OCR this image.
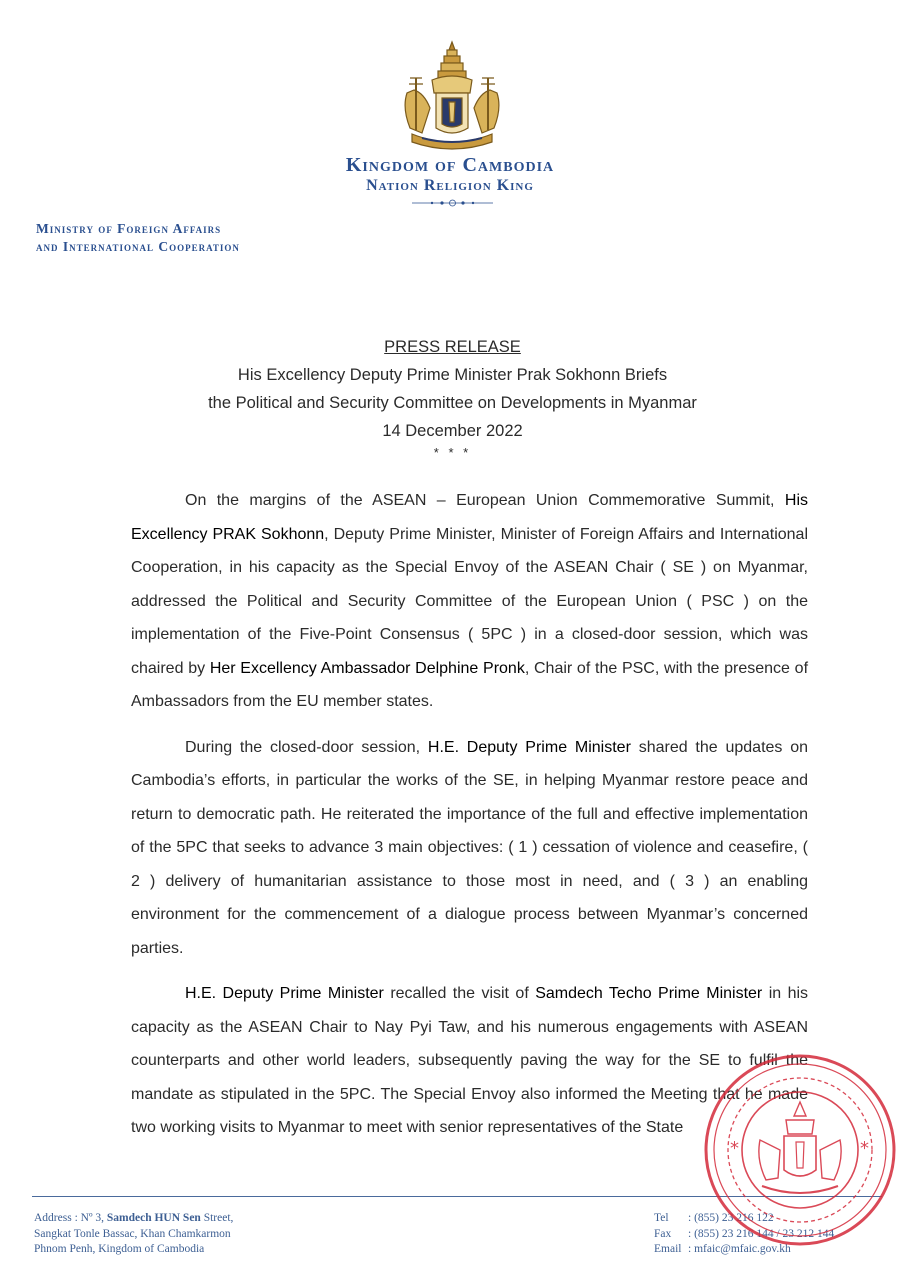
Kingdom of Cambodia
Nation Religion King
Ministry of Foreign Affairs
and International Cooperation
PRESS RELEASE
His Excellency Deputy Prime Minister Prak Sokhonn Briefs
the Political and Security Committee on Developments in Myanmar
14 December 2022
* * *

On the margins of the ASEAN – European Union Commemorative Summit, His Excellency PRAK Sokhonn, Deputy Prime Minister, Minister of Foreign Affairs and International Cooperation, in his capacity as the Special Envoy of the ASEAN Chair ( SE ) on Myanmar, addressed the Political and Security Committee of the European Union ( PSC ) on the implementation of the Five-Point Consensus ( 5PC ) in a closed-door session, which was chaired by Her Excellency Ambassador Delphine Pronk, Chair of the PSC, with the presence of Ambassadors from the EU member states.

During the closed-door session, H.E. Deputy Prime Minister shared the updates on Cambodia’s efforts, in particular the works of the SE, in helping Myanmar restore peace and return to democratic path. He reiterated the importance of the full and effective implementation of the 5PC that seeks to advance 3 main objectives: ( 1 ) cessation of violence and ceasefire, ( 2 ) delivery of humanitarian assistance to those most in need, and ( 3 ) an enabling environment for the commencement of a dialogue process between Myanmar’s concerned parties.

H.E. Deputy Prime Minister recalled the visit of Samdech Techo Prime Minister in his capacity as the ASEAN Chair to Nay Pyi Taw, and his numerous engagements with ASEAN counterparts and other world leaders, subsequently paving the way for the SE to fulfil the mandate as stipulated in the 5PC. The Special Envoy also informed the Meeting that he made two working visits to Myanmar to meet with senior representatives of the State

Address : Nº 3, Samdech HUN Sen Street,
Sangkat Tonle Bassac, Khan Chamkarmon
Phnom Penh, Kingdom of Cambodia
Tel : (855) 23 216 122
Fax : (855) 23 216 144 / 23 212 144
Email : mfaic@mfaic.gov.kh
*	*
